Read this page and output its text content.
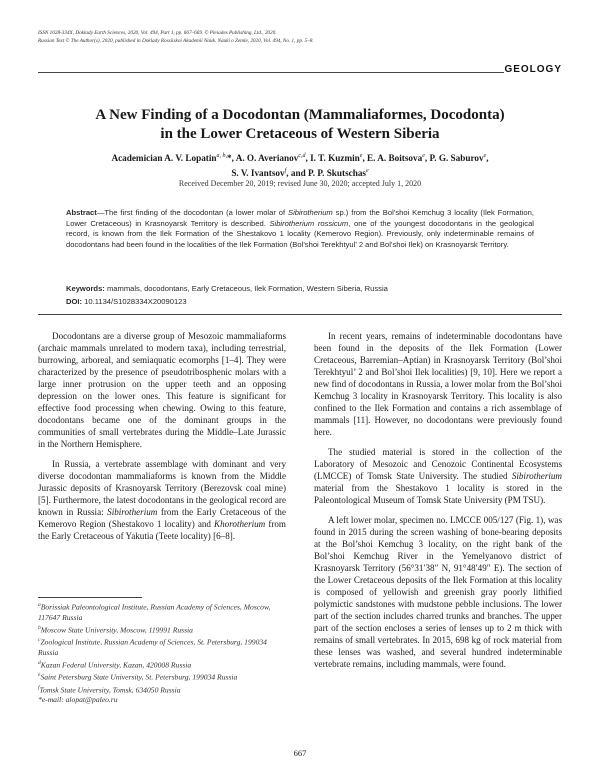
ISSN 1028-334X, Doklady Earth Sciences, 2020, Vol. 494, Part 1, pp. 667–669. © Pleiades Publishing, Ltd., 2020.
Russian Text © The Author(s), 2020, published in Doklady Rossiiskoi Akademii Nauk. Nauki o Zemle, 2020, Vol. 494, No. 1, pp. 5–8.
GEOLOGY
A New Finding of a Docodontan (Mammaliaformes, Docodonta)
in the Lower Cretaceous of Western Siberia
Academician A. V. Lopatin$^{a, b,}$*, A. O. Averianov$^{c,d}$, I. T. Kuzmin$^e$, E. A. Boitsova$^e$, P. G. Saburov$^e$,
S. V. Ivantsov$^f$, and P. P. Skutschas$^e$
Received December 20, 2019; revised June 30, 2020; accepted July 1, 2020
Abstract—The first finding of the docodontan (a lower molar of Sibirotherium sp.) from the Bol’shoi Kemchug 3 locality (Ilek Formation, Lower Cretaceous) in Krasnoyarsk Territory is described. Sibirotherium rossicum, one of the youngest docodontans in the geological record, is known from the Ilek Formation of the Shestakovo 1 locality (Kemerovo Region). Previously, only indeterminable remains of docodontans had been found in the localities of the Ilek Formation (Bol’shoi Terekhtyul’ 2 and Bol’shoi Ilek) on Krasnoyarsk Territory.
Keywords: mammals, docodontans, Early Cretaceous, Ilek Formation, Western Siberia, Russia
DOI: 10.1134/S1028334X20090123

Docodontans are a diverse group of Mesozoic mammaliaforms (archaic mammals unrelated to modern taxa), including terrestrial, burrowing, arboreal, and semiaquatic ecomorphs [1–4]. They were characterized by the presence of pseudotribosphenic molars with a large inner protrusion on the upper teeth and an opposing depression on the lower ones. This feature is significant for effective food processing when chewing. Owing to this feature, docodontans became one of the dominant groups in the communities of small vertebrates during the Middle–Late Jurassic in the Northern Hemisphere.

In Russia, a vertebrate assemblage with dominant and very diverse docodontan mammaliaforms is known from the Middle Jurassic deposits of Krasnoyarsk Territory (Berezovsk coal mine) [5]. Furthermore, the latest docodontans in the geological record are known in Russia: Sibirotherium from the Early Cretaceous of the Kemerovo Region (Shestakovo 1 locality) and Khorotherium from the Early Cretaceous of Yakutia (Teete locality) [6–8].

$^a$Borissiak Paleontological Institute, Russian Academy of Sciences, Moscow, 117647 Russia
$^b$Moscow State University, Moscow, 119991 Russia
$^c$Zoological Institute, Russian Academy of Sciences, St. Petersburg, 199034 Russia
$^d$Kazan Federal University, Kazan, 420008 Russia
$^e$Saint Petersburg State University, St. Petersburg, 199034 Russia
$^f$Tomsk State University, Tomsk, 634050 Russia
*e-mail: alopat@paleo.ru

In recent years, remains of indeterminable docodontans have been found in the deposits of the Ilek Formation (Lower Cretaceous, Barremian–Aptian) in Krasnoyarsk Territory (Bol’shoi Terekhtyul’ 2 and Bol’shoi Ilek localities) [9, 10]. Here we report a new find of docodontans in Russia, a lower molar from the Bol’shoi Kemchug 3 locality in Krasnoyarsk Territory. This locality is also confined to the Ilek Formation and contains a rich assemblage of mammals [11]. However, no docodontans were previously found here.

The studied material is stored in the collection of the Laboratory of Mesozoic and Cenozoic Continental Ecosystems (LMCCE) of Tomsk State University. The studied Sibirotherium material from the Shestakovo 1 locality is stored in the Paleontological Museum of Tomsk State University (PM TSU).

A left lower molar, specimen no. LMCCE 005/127 (Fig. 1), was found in 2015 during the screen washing of bone-bearing deposits at the Bol’shoi Kemchug 3 locality, on the right bank of the Bol’shoi Kemchug River in the Yemelyanovo district of Krasnoyarsk Territory (56°31′38″ N, 91°48′49″ E). The section of the Lower Cretaceous deposits of the Ilek Formation at this locality is composed of yellowish and greenish gray poorly lithified polymictic sandstones with mudstone pebble inclusions. The lower part of the section includes charred trunks and branches. The upper part of the section encloses a series of lenses up to 2 m thick with remains of small vertebrates. In 2015, 698 kg of rock material from these lenses was washed, and several hundred indeterminable vertebrate remains, including mammals, were found.

667
